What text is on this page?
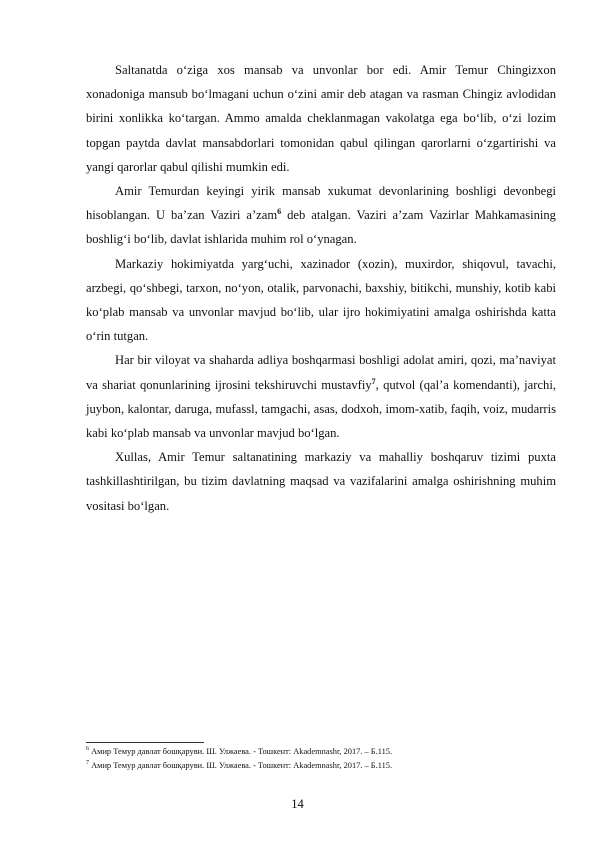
Saltanatda o‘ziga xos mansab va unvonlar bor edi. Amir Temur Chingizxon xonadoniga mansub bo‘lmagani uchun o‘zini amir deb atagan va rasman Chingiz avlodidan birini xonlikka ko‘targan. Ammo amalda cheklanmagan vakolatga ega bo‘lib, o‘zi lozim topgan paytda davlat mansabdorlari tomonidan qabul qilingan qarorlarni o‘zgartirishi va yangi qarorlar qabul qilishi mumkin edi.

Amir Temurdan keyingi yirik mansab xukumat devonlarining boshligi devonbegi hisoblangan. U ba’zan Vaziri a’zam$^6$ deb atalgan. Vaziri a’zam Vazirlar Mahkamasining boshlig‘i bo‘lib, davlat ishlarida muhim rol o‘ynagan.

Markaziy hokimiyatda yarg‘uchi, xazinador (xozin), muxirdor, shiqovul, tavachi, arzbegi, qo‘shbegi, tarxon, no‘yon, otalik, parvonachi, baxshiy, bitikchi, munshiy, kotib kabi ko‘plab mansab va unvonlar mavjud bo‘lib, ular ijro hokimiyatini amalga oshirishda katta o‘rin tutgan.

Har bir viloyat va shaharda adliya boshqarmasi boshligi adolat amiri, qozi, ma’naviyat va shariat qonunlarining ijrosini tekshiruvchi mustavfiy$^7$, qutvol (qal’a komendanti), jarchi, juybon, kalontar, daruga, mufassl, tamgachi, asas, dodxoh, imom-xatib, faqih, voiz, mudarris kabi ko‘plab mansab va unvonlar mavjud bo‘lgan.

Xullas, Amir Temur saltanatining markaziy va mahalliy boshqaruv tizimi puxta tashkillashtirilgan, bu tizim davlatning maqsad va vazifalarini amalga oshirishning muhim vositasi bo‘lgan.

$^6$ Амир Темур давлат бошқаруви. Ш. Улжаева. - Тошкент: Akademnashr, 2017. – Б.115.

$^7$ Амир Темур давлат бошқаруви. Ш. Улжаева. - Тошкент: Akademnashr, 2017. – Б.115.

14
